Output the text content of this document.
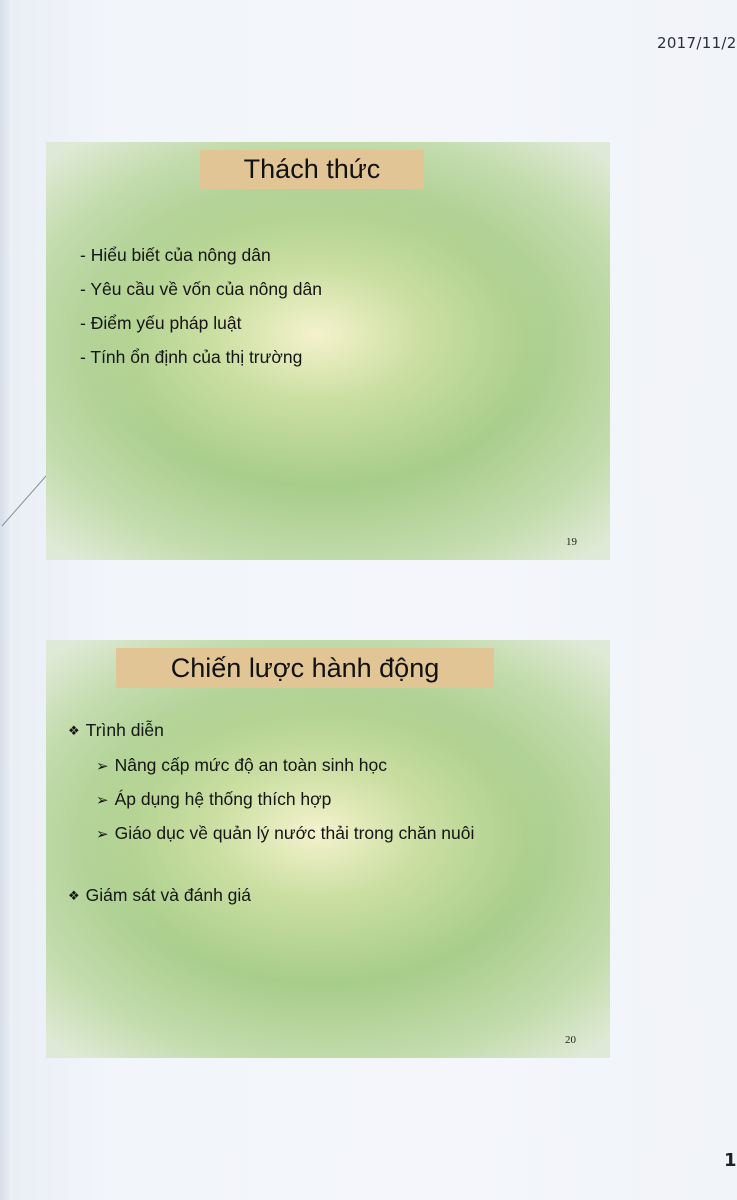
2017/11/2
Thách thức
- Hiểu biết của nông dân
- Yêu cầu về vốn của nông dân
- Điểm yếu pháp luật
- Tính ổn định của thị trường
19
Chiến lược hành động
❖ Trình diễn
➢ Nâng cấp mức độ an toàn sinh học
➢ Áp dụng hệ thống thích hợp
➢ Giáo dục về quản lý nước thải trong chăn nuôi
❖ Giám sát và đánh giá
20
1
